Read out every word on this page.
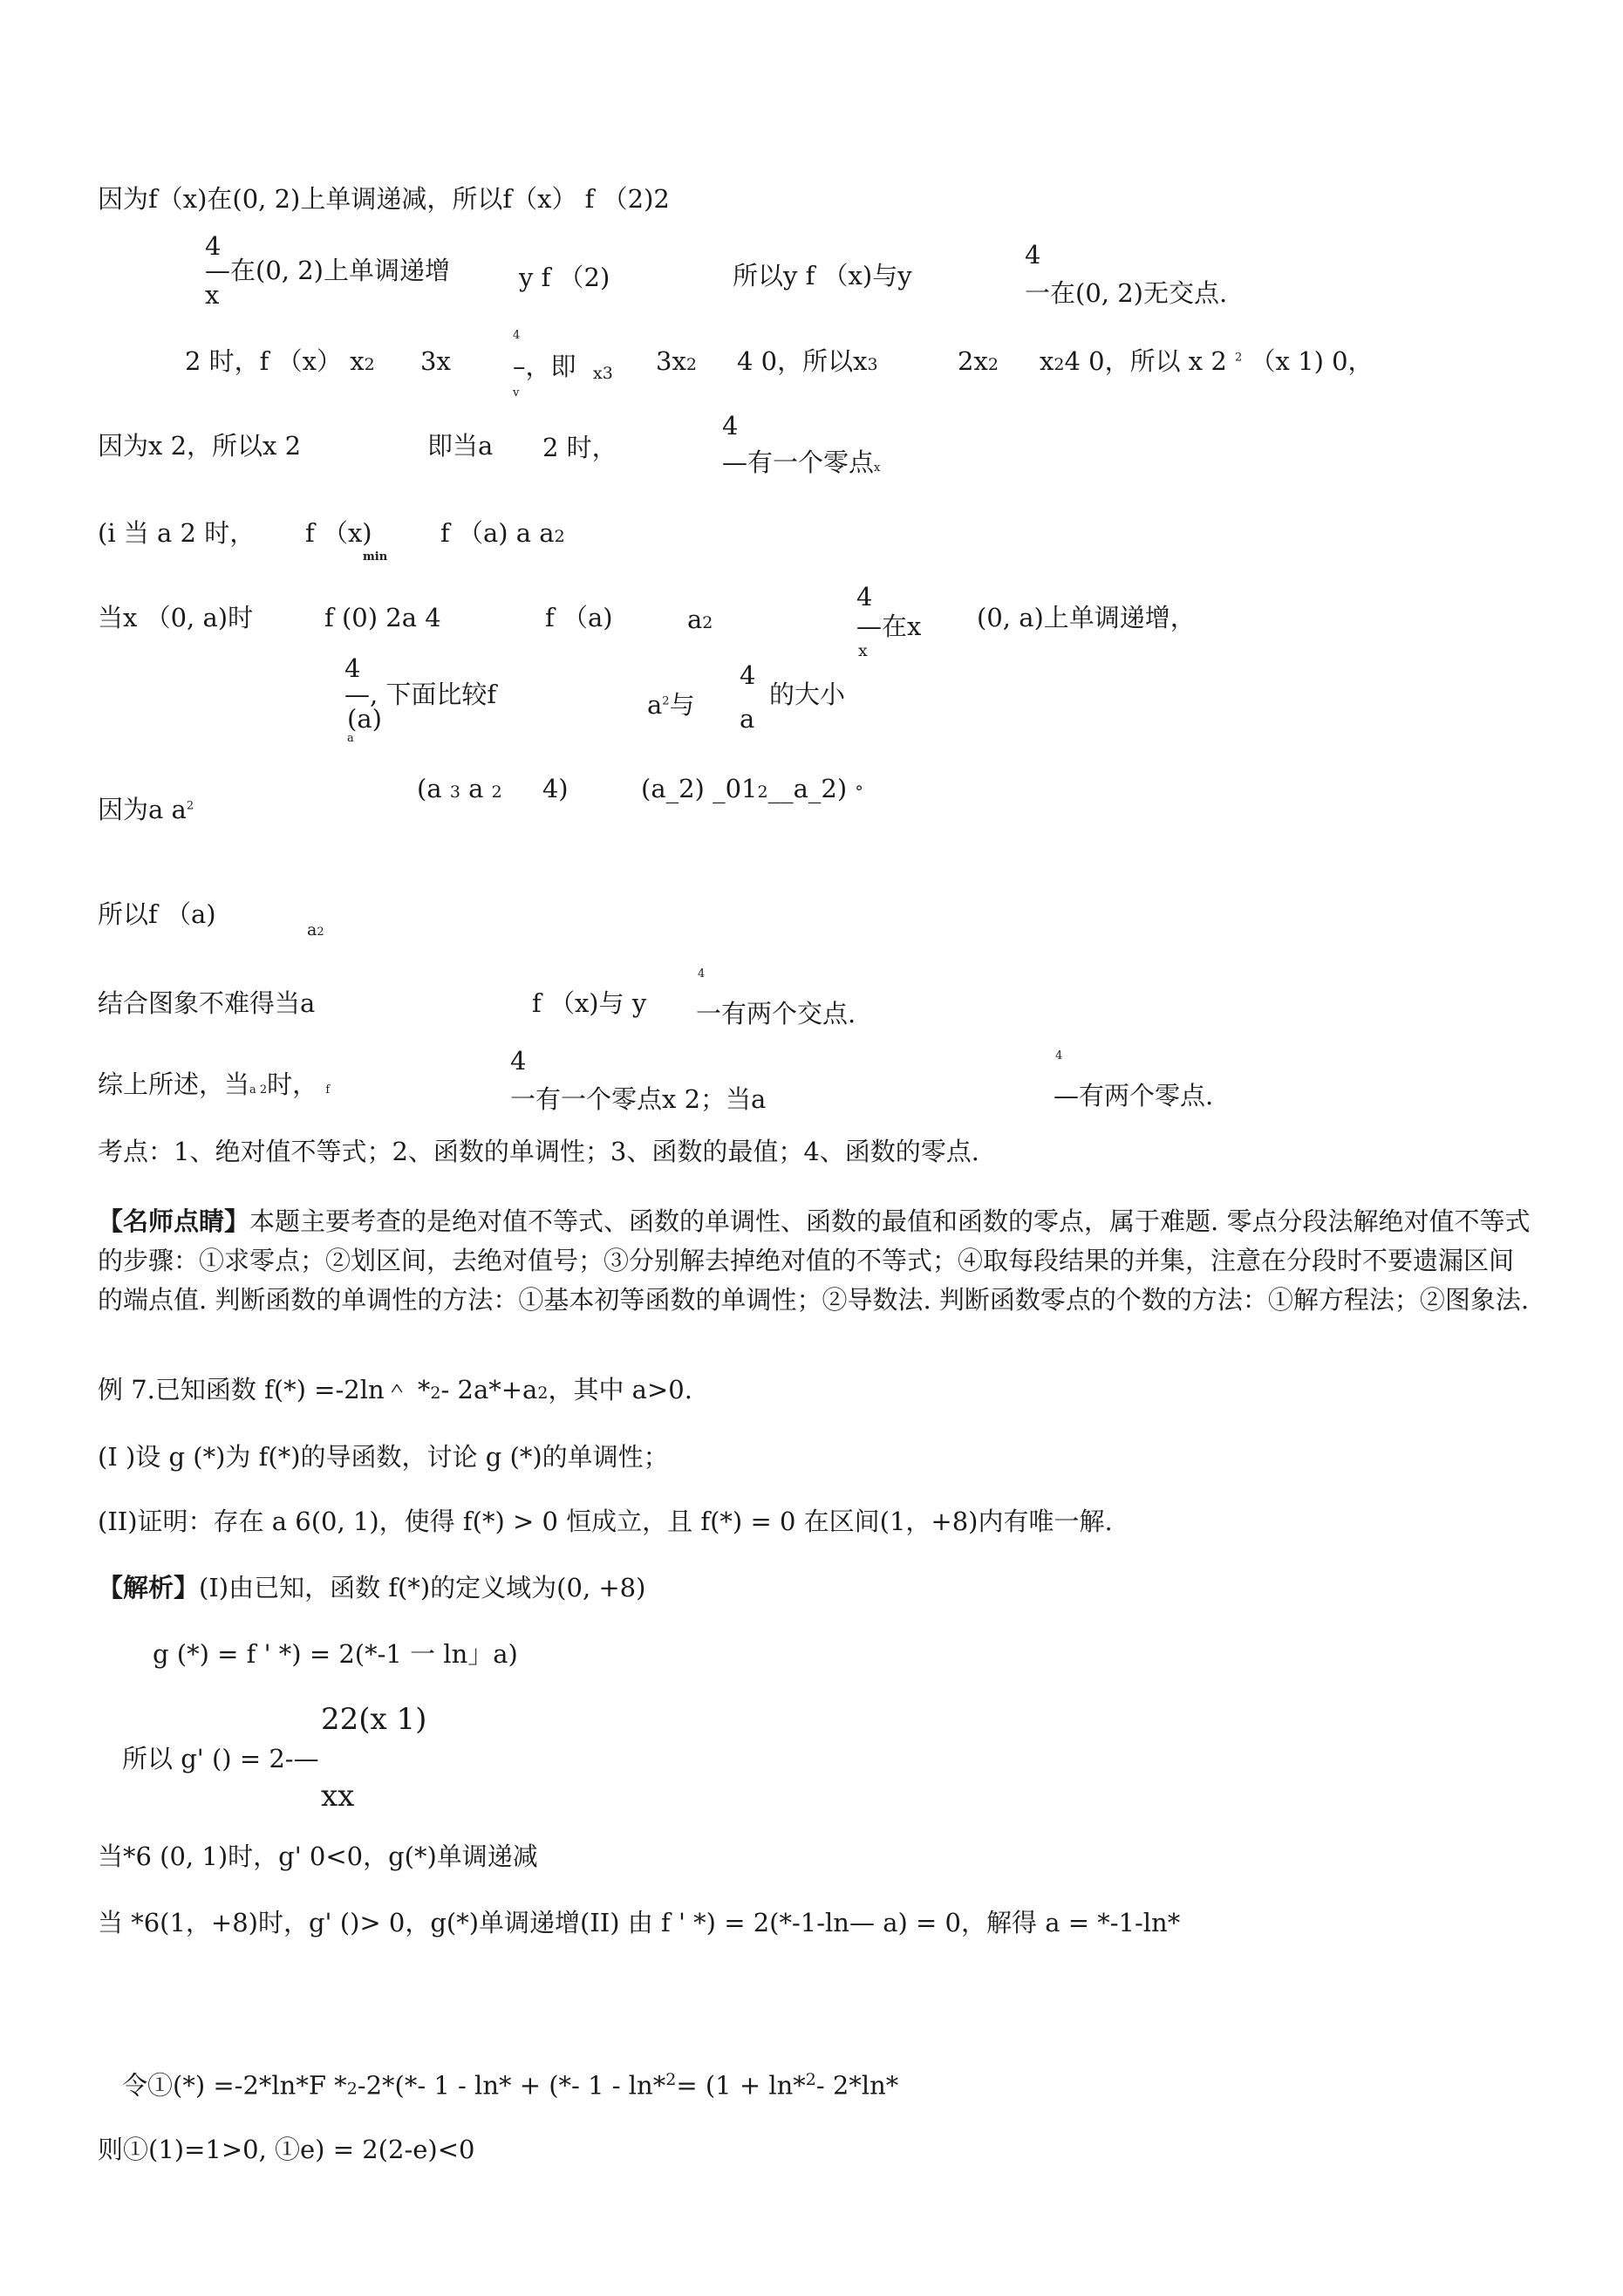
因为f（x)在(0, 2)上单调递减，所以f（x） f （2)2
4
—在(0, 2)上单调递增
x
y f （2)	所以y f （x)与y
4
一在(0, 2)无交点.
2 时，f （x） x2 3x
4
–，即
v
x3 3x2 4 0，所以x3	2x2 x24 0，所以 x 2 $^2$ （x 1) 0，
因为x 2，所以x 2	即当a 2 时，
4
—有一个零点x
(i 当 a 2 时， f （x)
min
f （a) a a2
当x （0, a)时	f (0) 2a 4	f （a)	a2
4
—在x
x
(0, a)上单调递增，
4
—, 下面比较f
(a)
a
$a^2$与
4
a
的大小
因为a $a^2$
(a 3 a 2 4)	(a_2) _012__a_2) °
所以f （a)
a2
结合图象不难得当a	f （x)与 y
4
一有两个交点.
综上所述，当a 2时， f
4
一有一个零点x 2；当a
4
—有两个零点.
考点：1、绝对值不等式；2、函数的单调性；3、函数的最值；4、函数的零点.
【名师点睛】本题主要考查的是绝对值不等式、函数的单调性、函数的最值和函数的零点，属于难题. 零点分段法解绝对值不等式的步骤：①求零点；②划区间，去绝对值号；③分别解去掉绝对值的不等式；④取每段结果的并集，注意在分段时不要遗漏区间的端点值. 判断函数的单调性的方法：①基本初等函数的单调性；②导数法. 判断函数零点的个数的方法：①解方程法；②图象法.
例 7.已知函数 f(*) =-2ln＾ *2- 2a*+a2，其中 a>0.
(I )设 g (*)为 f(*)的导函数，讨论 g (*)的单调性；
(II)证明：存在 a 6(0, 1)，使得 f(*) > 0 恒成立，且 f(*) = 0 在区间(1，+8)内有唯一解.
【解析】(I)由已知，函数 f(*)的定义域为(0, +8)
g (*) = f ' *) = 2(*-1 一 ln」a)
22(x 1)
所以 g' () = 2-—
xx
当*6 (0, 1)时，g' 0<0，g(*)单调递减
当 *6(1，+8)时，g' ()> 0，g(*)单调递增(II) 由 f ' *) = 2(*-1-ln— a) = 0，解得 a = *-1-ln*
令①(*) =-2*ln*F *2-2*(*- 1 - ln* + (*- 1 - ln*$^2$= (1 + ln*$^2$- 2*ln*
则①(1)=1>0, ①e) = 2(2-e)<0
